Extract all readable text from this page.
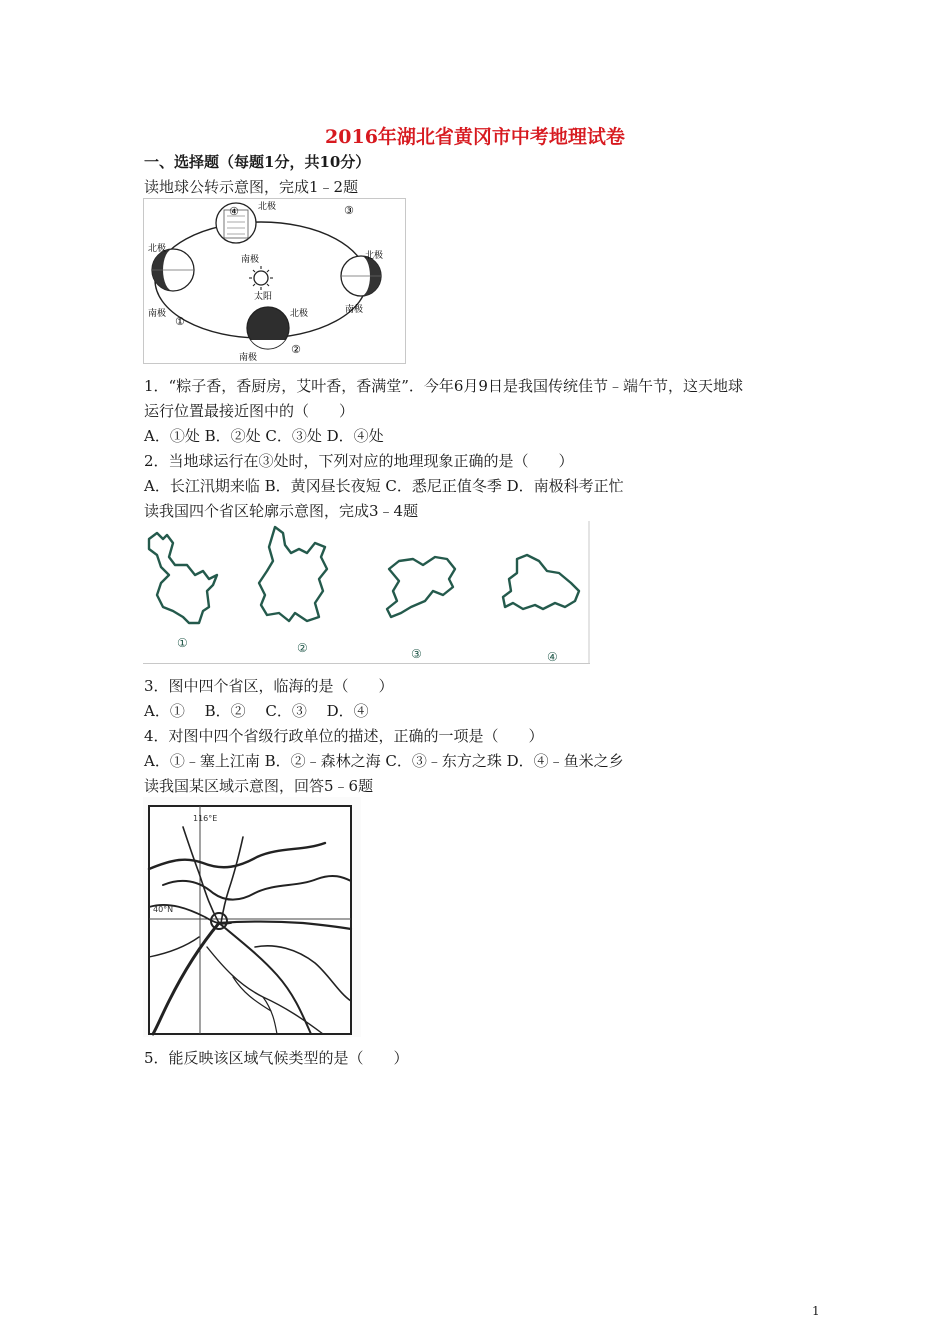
2016年湖北省黄冈市中考地理试卷
一、选择题（每题1分，共10分）
读地球公转示意图，完成1﹣2题
太阳
④ 北极
南极
北极
南极
①
③
北极
南极
北极
南极
②
1．“粽子香，香厨房，艾叶香，香满堂”．今年6月9日是我国传统佳节﹣端午节，这天地球
运行位置最接近图中的（　　）
A．①处 B．②处 C．③处 D．④处
2．当地球运行在③处时，下列对应的地理现象正确的是（　　）
A．长江汛期来临 B．黄冈昼长夜短 C．悉尼正值冬季 D．南极科考正忙
读我国四个省区轮廓示意图，完成3﹣4题
①	②	③	④
3．图中四个省区，临海的是（　　）
A．①　 B．②　 C．③　 D．④
4．对图中四个省级行政单位的描述，正确的一项是（　　）
A．①﹣塞上江南 B．②﹣森林之海 C．③﹣东方之珠 D．④﹣鱼米之乡
读我国某区域示意图，回答5﹣6题
116°E
40°N
5．能反映该区域气候类型的是（　　）
1
